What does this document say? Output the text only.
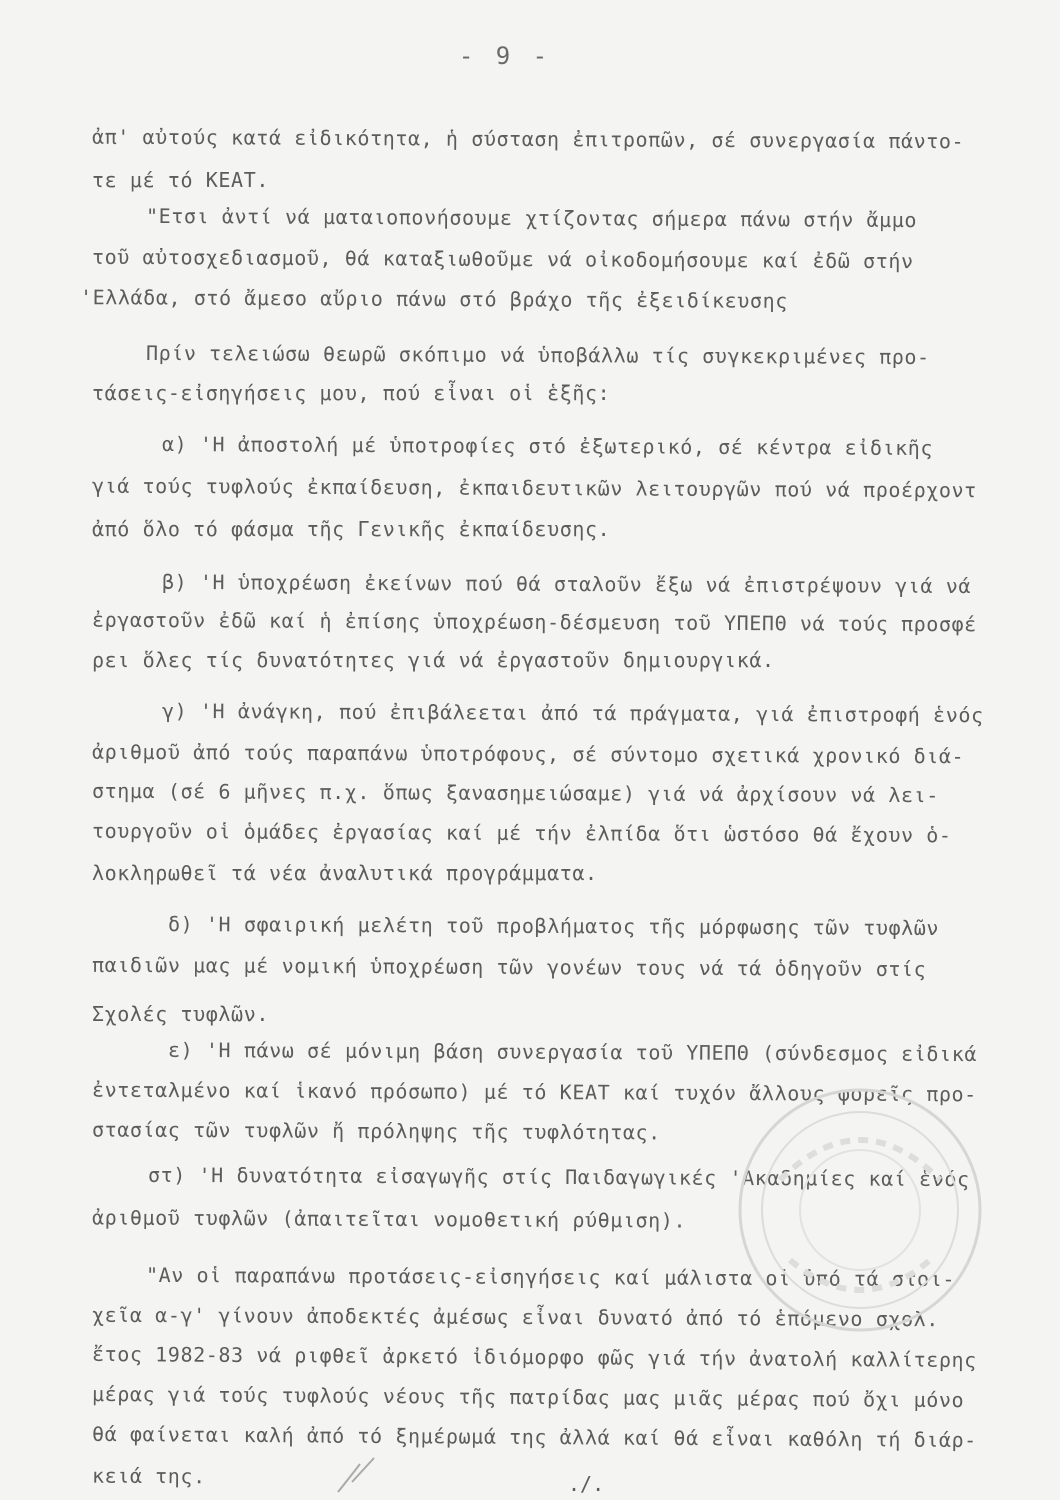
- 9 -
ἀπ' αὐτούς κατά εἰδικότητα, ἡ σύσταση ἐπιτροπῶν, σέ συνεργασία πάντο-
τε μέ τό ΚΕΑΤ.
"Ετσι ἀντί νά ματαιοπονήσουμε χτίζοντας σήμερα πάνω στήν ἄμμο
τοῦ αὐτοσχεδιασμοῦ, θά καταξιωθοῦμε νά οἰκοδομήσουμε καί ἐδῶ στήν
'Ελλάδα, στό ἄμεσο αὔριο πάνω στό βράχο τῆς ἐξειδίκευσης
Πρίν τελειώσω θεωρῶ σκόπιμο νά ὑποβάλλω τίς συγκεκριμένες προ-
τάσεις-εἰσηγήσεις μου, πού εἶναι οἱ ἑξῆς:
α) 'Η ἀποστολή μέ ὑποτροφίες στό ἐξωτερικό, σέ κέντρα εἰδικῆς
γιά τούς τυφλούς ἐκπαίδευση, ἐκπαιδευτικῶν λειτουργῶν πού νά προέρχοντ
ἀπό ὅλο τό φάσμα τῆς Γενικῆς ἐκπαίδευσης.
β) 'Η ὑποχρέωση ἐκείνων πού θά σταλοῦν ἔξω νά ἐπιστρέψουν γιά νά
ἐργαστοῦν ἐδῶ καί ἡ ἐπίσης ὑποχρέωση-δέσμευση τοῦ ΥΠΕΠΘ νά τούς προσφέ
ρει ὅλες τίς δυνατότητες γιά νά ἐργαστοῦν δημιουργικά.
γ) 'Η ἀνάγκη, πού ἐπιβάλεεται ἀπό τά πράγματα, γιά ἐπιστροφή ἑνός
ἀριθμοῦ ἀπό τούς παραπάνω ὑποτρόφους, σέ σύντομο σχετικά χρονικό διά-
στημα (σέ 6 μῆνες π.χ. ὅπως ξανασημειώσαμε) γιά νά ἀρχίσουν νά λει-
τουργοῦν οἱ ὁμάδες ἐργασίας καί μέ τήν ἐλπίδα ὅτι ὡστόσο θά ἔχουν ὁ-
λοκληρωθεῖ τά νέα ἀναλυτικά προγράμματα.
δ) 'Η σφαιρική μελέτη τοῦ προβλήματος τῆς μόρφωσης τῶν τυφλῶν
παιδιῶν μας μέ νομική ὑποχρέωση τῶν γονέων τους νά τά ὁδηγοῦν στίς
Σχολές τυφλῶν.
ε) 'Η πάνω σέ μόνιμη βάση συνεργασία τοῦ ΥΠΕΠΘ (σύνδεσμος εἰδικά
ἐντεταλμένο καί ἱκανό πρόσωπο) μέ τό ΚΕΑΤ καί τυχόν ἄλλους φορεῖς προ-
στασίας τῶν τυφλῶν ἤ πρόληψης τῆς τυφλότητας.
στ) 'Η δυνατότητα εἰσαγωγῆς στίς Παιδαγωγικές 'Ακαδημίες καί ἑνός
ἀριθμοῦ τυφλῶν (ἀπαιτεῖται νομοθετική ρύθμιση).
"Αν οἱ παραπάνω προτάσεις-εἰσηγήσεις καί μάλιστα οἱ ὑπό τά στοι-
χεῖα α-γ' γίνουν ἀποδεκτές ἀμέσως εἶναι δυνατό ἀπό τό ἑπόμενο σχολ.
ἔτος 1982-83 νά ριφθεῖ ἀρκετό ἰδιόμορφο φῶς γιά τήν ἀνατολή καλλίτερης
μέρας γιά τούς τυφλούς νέους τῆς πατρίδας μας μιᾶς μέρας πού ὄχι μόνο
θά φαίνεται καλή ἀπό τό ξημέρωμά της ἀλλά καί θά εἶναι καθόλη τή διάρ-
κειά της.	./.
